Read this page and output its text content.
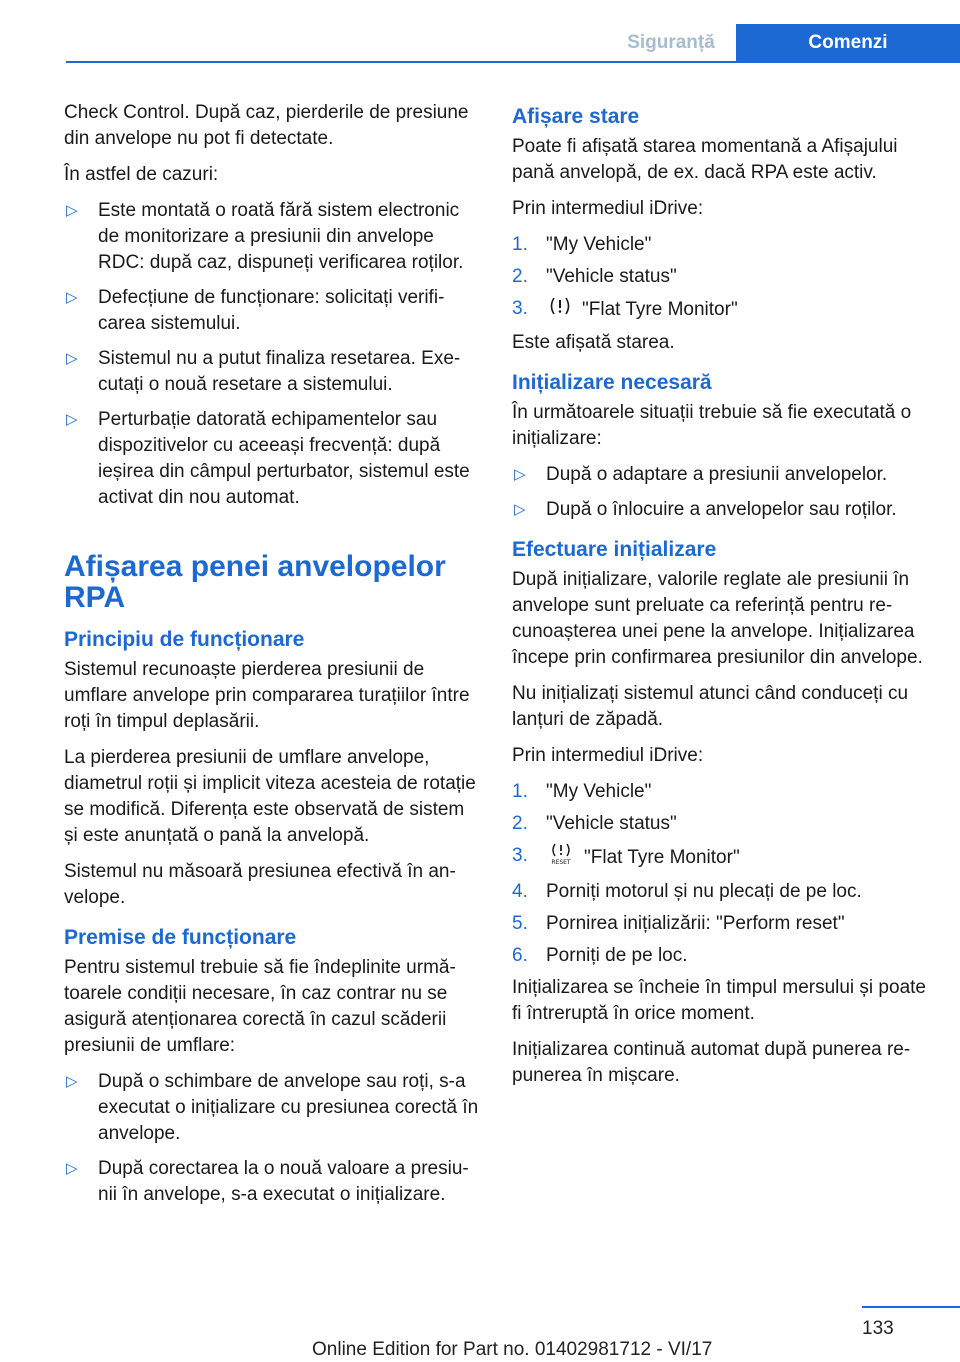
Siguranță	Comenzi

Check Control. După caz, pierderile de presiune din anvelope nu pot fi detectate.

În astfel de cazuri:

▷ Este montată o roată fără sistem electronic de monitorizare a presiunii din anvelope RDC: după caz, dispuneți verificarea roților.
▷ Defecțiune de funcționare: solicitați verificarea sistemului.
▷ Sistemul nu a putut finaliza resetarea. Executați o nouă resetare a sistemului.
▷ Perturbație datorată echipamentelor sau dispozitivelor cu aceeași frecvență: după ieșirea din câmpul perturbator, sistemul este activat din nou automat.
Afișarea penei anvelopelor RPA
Principiu de funcționare

Sistemul recunoaște pierderea presiunii de umflare anvelope prin compararea turațiilor între roți în timpul deplasării.

La pierderea presiunii de umflare anvelope, diametrul roții și implicit viteza acesteia de rotație se modifică. Diferența este observată de sistem și este anunțată o pană la anvelopă.

Sistemul nu măsoară presiunea efectivă în anvelope.

Premise de funcționare

Pentru sistemul trebuie să fie îndeplinite următoarele condiții necesare, în caz contrar nu se asigură atenționarea corectă în cazul scăderii presiunii de umflare:

▷ După o schimbare de anvelope sau roți, s-a executat o inițializare cu presiunea corectă în anvelope.
▷ După corectarea la o nouă valoare a presiunii în anvelope, s-a executat o inițializare.
Afișare stare

Poate fi afișată starea momentană a Afișajului pană anvelopă, de ex. dacă RPA este activ.

Prin intermediul iDrive:

1. "My Vehicle"
2. "Vehicle status"
3.	"Flat Tyre Monitor"

Este afișată starea.

Inițializare necesară

În următoarele situații trebuie să fie executată o inițializare:

▷ După o adaptare a presiunii anvelopelor.
▷ După o înlocuire a anvelopelor sau roților.
Efectuare inițializare

După inițializare, valorile reglate ale presiunii în anvelope sunt preluate ca referință pentru recunoașterea unei pene la anvelope. Inițializarea începe prin confirmarea presiunilor din anvelope.

Nu inițializați sistemul atunci când conduceți cu lanțuri de zăpadă.

Prin intermediul iDrive:

1. "My Vehicle"
2. "Vehicle status"
3.	RESET "Flat Tyre Monitor"
4. Porniți motorul și nu plecați de pe loc.
5. Pornirea inițializării: "Perform reset"
6. Porniți de pe loc.

Inițializarea se încheie în timpul mersului și poate fi întreruptă în orice moment.

Inițializarea continuă automat după punerea repunerea în mișcare.

133
Online Edition for Part no. 01402981712 - VI/17
